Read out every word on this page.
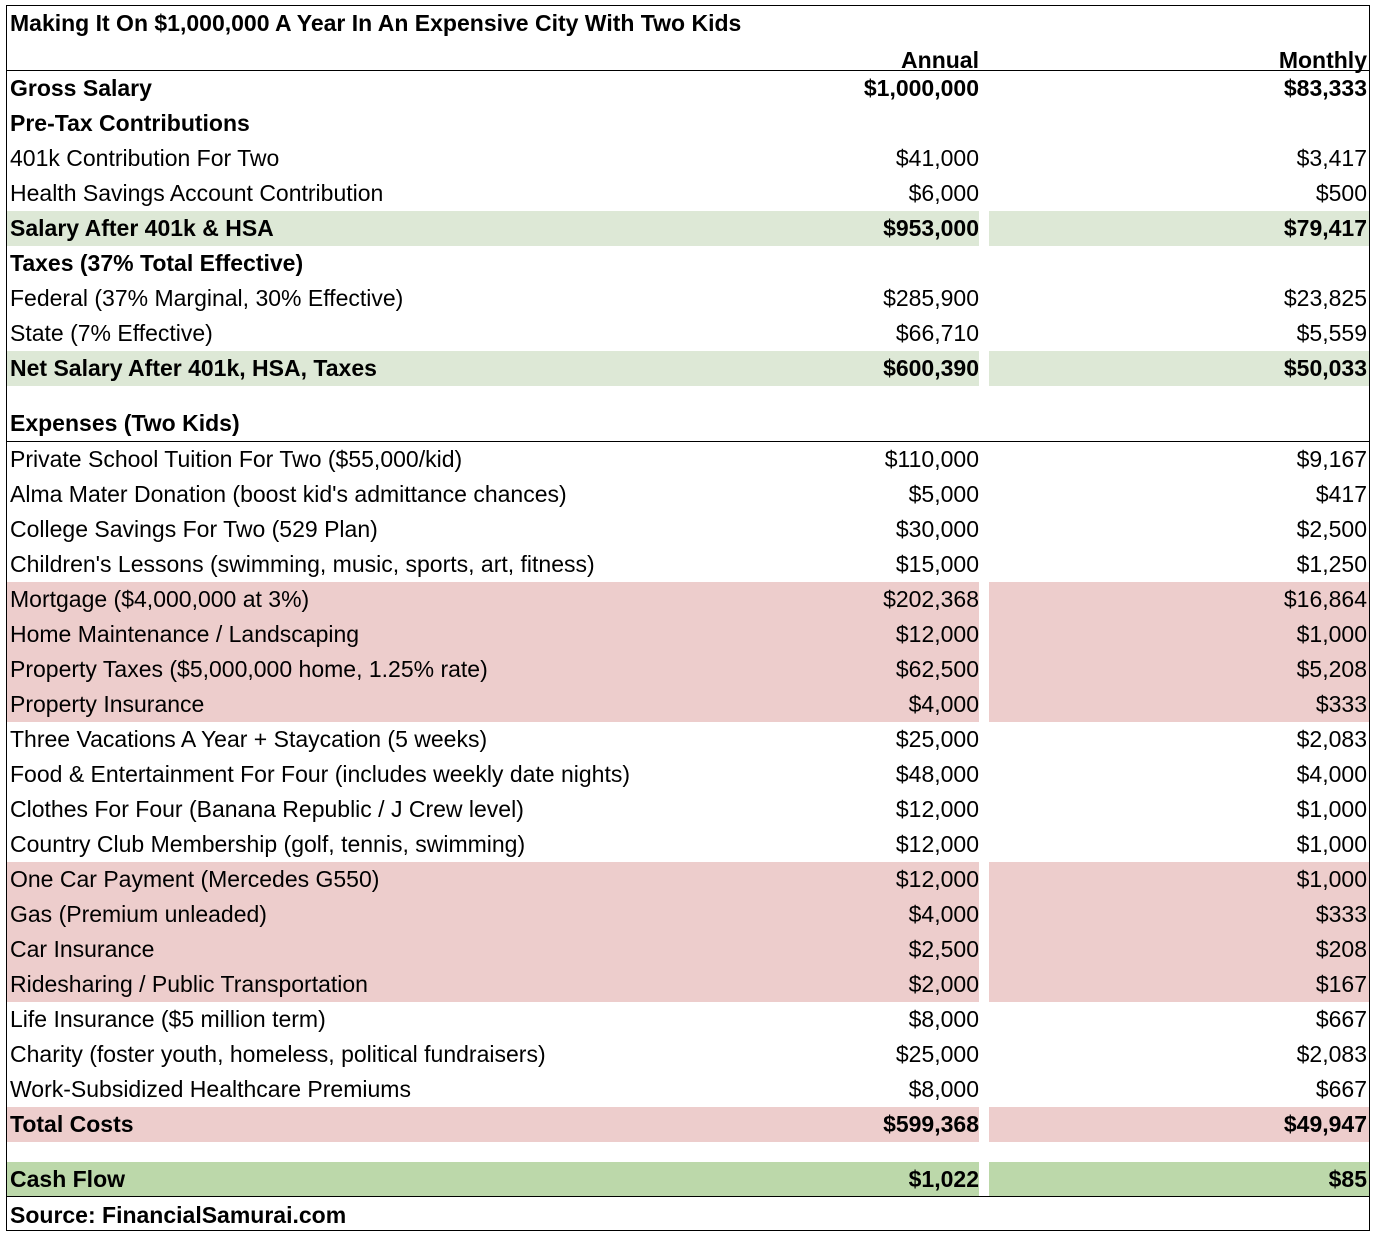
Making It On $1,000,000 A Year In An Expensive City With Two Kids
Annual	Monthly
Gross Salary	$1,000,000	$83,333
Pre-Tax Contributions
401k Contribution For Two	$41,000	$3,417
Health Savings Account Contribution	$6,000	$500
Salary After 401k & HSA	$953,000	$79,417
Taxes (37% Total Effective)
Federal (37% Marginal, 30% Effective)	$285,900	$23,825
State (7% Effective)	$66,710	$5,559
Net Salary After 401k, HSA, Taxes	$600,390	$50,033
Expenses (Two Kids)
Private School Tuition For Two ($55,000/kid)	$110,000	$9,167
Alma Mater Donation (boost kid's admittance chances)	$5,000	$417
College Savings For Two (529 Plan)	$30,000	$2,500
Children's Lessons (swimming, music, sports, art, fitness)	$15,000	$1,250
Mortgage ($4,000,000 at 3%)	$202,368	$16,864
Home Maintenance / Landscaping	$12,000	$1,000
Property Taxes ($5,000,000 home, 1.25% rate)	$62,500	$5,208
Property Insurance	$4,000	$333
Three Vacations A Year + Staycation (5 weeks)	$25,000	$2,083
Food & Entertainment For Four (includes weekly date nights)	$48,000	$4,000
Clothes For Four (Banana Republic / J Crew level)	$12,000	$1,000
Country Club Membership (golf, tennis, swimming)	$12,000	$1,000
One Car Payment (Mercedes G550)	$12,000	$1,000
Gas (Premium unleaded)	$4,000	$333
Car Insurance	$2,500	$208
Ridesharing / Public Transportation	$2,000	$167
Life Insurance ($5 million term)	$8,000	$667
Charity (foster youth, homeless, political fundraisers)	$25,000	$2,083
Work-Subsidized Healthcare Premiums	$8,000	$667
Total Costs	$599,368	$49,947
Cash Flow	$1,022	$85
Source: FinancialSamurai.com
